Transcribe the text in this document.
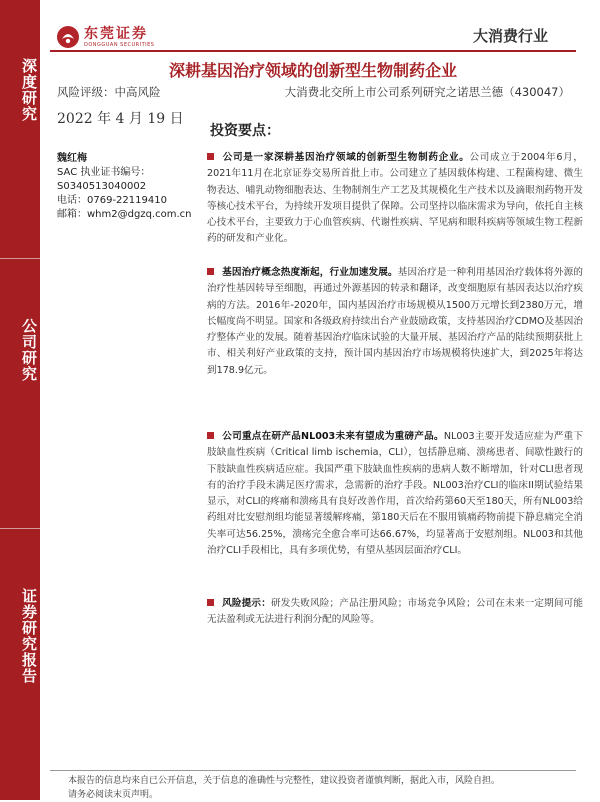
深度研究
公司研究
证券研究报告
东莞证券
DONGGUAN SECURITIES	大消费行业
深耕基因治疗领域的创新型生物制药企业
风险评级：中高风险	大消费北交所上市公司系列研究之诺思兰德（430047）
2022 年 4 月 19 日
魏红梅
SAC 执业证书编号：
S0340513040002
电话：0769-22119410
邮箱：whm2@dgzq.com.cn
投资要点：
公司是一家深耕基因治疗领域的创新型生物制药企业。公司成立于2004年6月，2021年11月在北京证券交易所首批上市。公司建立了基因载体构建、工程菌构建、微生物表达、哺乳动物细胞表达、生物制剂生产工艺及其规模化生产技术以及滴眼剂药物开发等核心技术平台，为持续开发项目提供了保障。公司坚持以临床需求为导向，依托自主核心技术平台，主要致力于心血管疾病、代谢性疾病、罕见病和眼科疾病等领域生物工程新药的研发和产业化。
基因治疗概念热度渐起，行业加速发展。基因治疗是一种利用基因治疗载体将外源的治疗性基因转导至细胞，再通过外源基因的转录和翻译，改变细胞原有基因表达以治疗疾病的方法。2016年-2020年，国内基因治疗市场规模从1500万元增长到2380万元，增长幅度尚不明显。国家和各级政府持续出台产业鼓励政策，支持基因治疗CDMO及基因治疗整体产业的发展。随着基因治疗临床试验的大量开展、基因治疗产品的陆续预期获批上市、相关利好产业政策的支持，预计国内基因治疗市场规模将快速扩大，到2025年将达到178.9亿元。
公司重点在研产品NL003未来有望成为重磅产品。NL003主要开发适应症为严重下肢缺血性疾病（Critical limb ischemia，CLI），包括静息痛、溃疡患者、间歇性跛行的下肢缺血性疾病适应症。我国严重下肢缺血性疾病的患病人数不断增加，针对CLI患者现有的治疗手段未满足医疗需求，急需新的治疗手段。NL003治疗CLI的临床II期试验结果显示，对CLI的疼痛和溃疡具有良好改善作用，首次给药第60天至180天，所有NL003给药组对比安慰剂组均能显著缓解疼痛，第180天后在不服用镇痛药物前提下静息痛完全消失率可达56.25%，溃疡完全愈合率可达66.67%，均显著高于安慰剂组。NL003和其他治疗CLI手段相比，具有多项优势，有望从基因层面治疗CLI。
风险提示：研发失败风险；产品注册风险；市场竞争风险；公司在未来一定期间可能无法盈利或无法进行利润分配的风险等。
本报告的信息均来自已公开信息，关于信息的准确性与完整性，建议投资者谨慎判断，据此入市，风险自担。
请务必阅读末页声明。
